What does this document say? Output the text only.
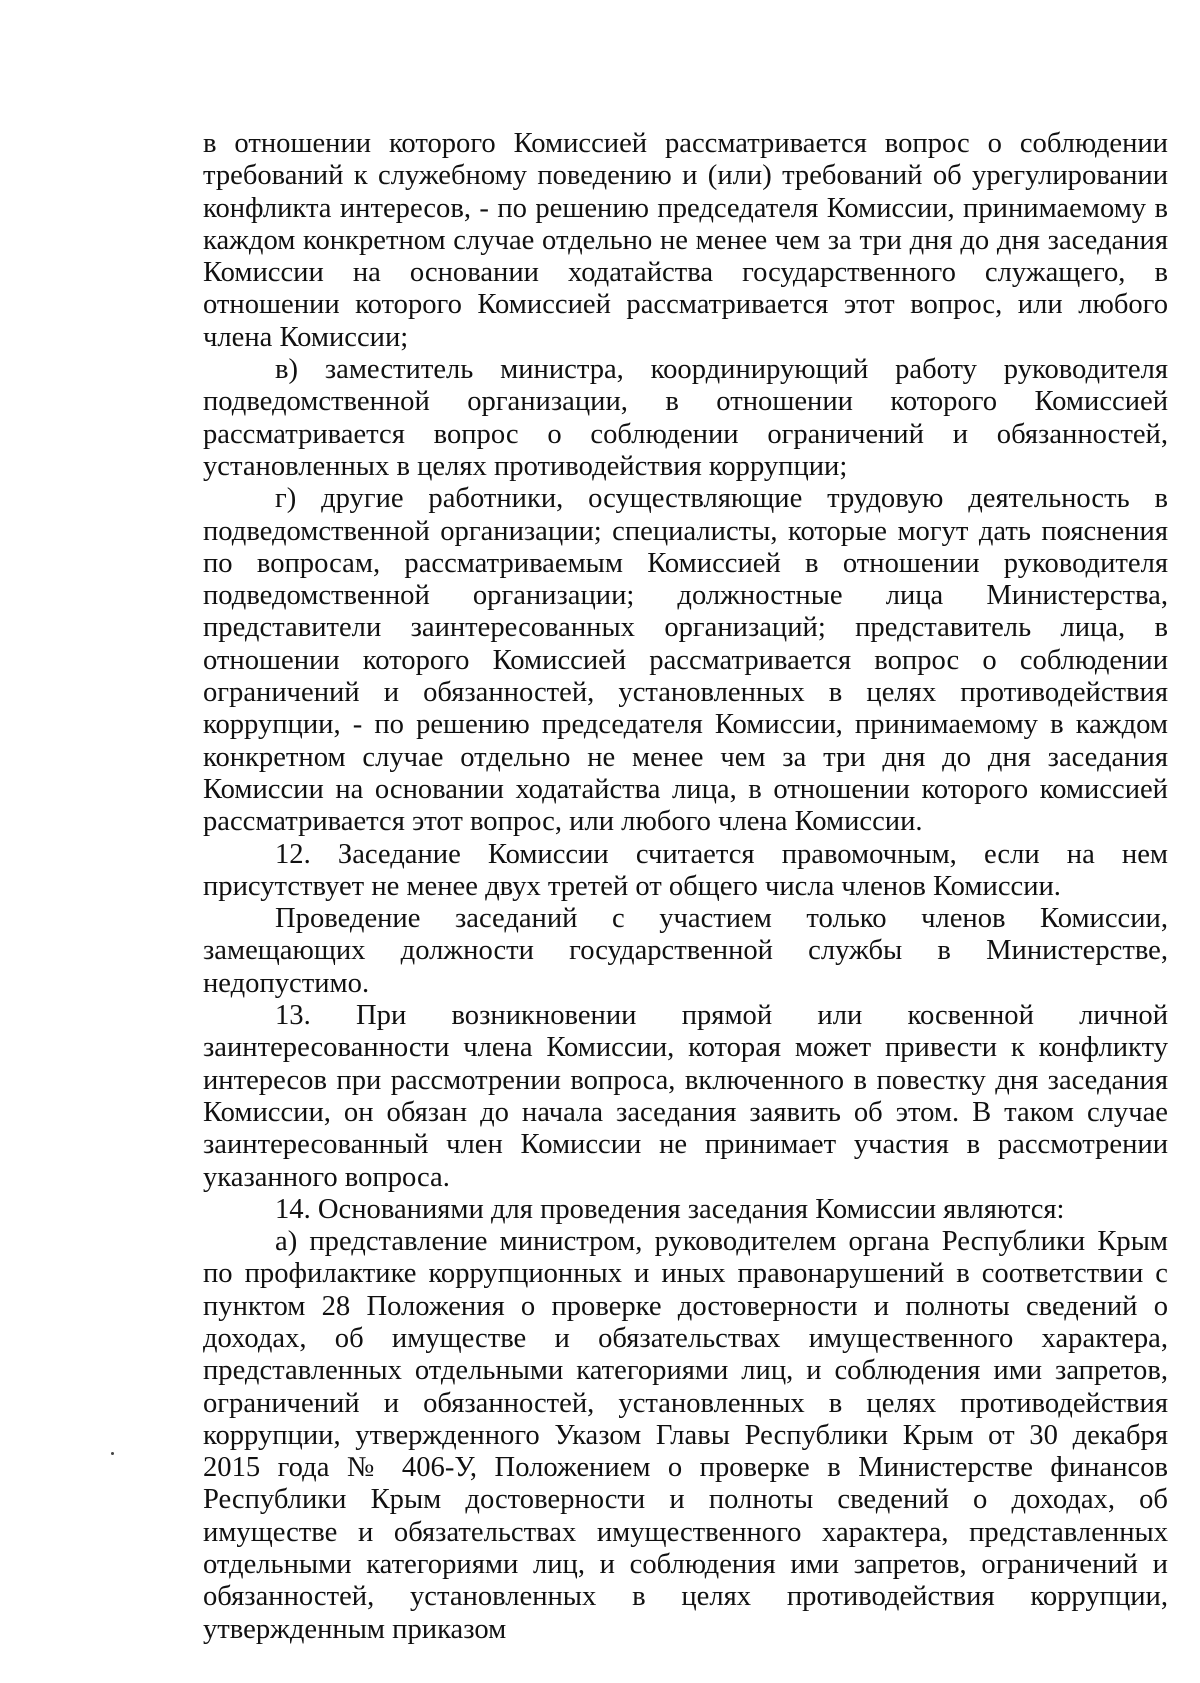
в отношении которого Комиссией рассматривается вопрос о соблюдении требований к служебному поведению и (или) требований об урегулировании конфликта интересов, - по решению председателя Комиссии, принимаемому в каждом конкретном случае отдельно не менее чем за три дня до дня заседания Комиссии на основании ходатайства государственного служащего, в отношении которого Комиссией рассматривается этот вопрос, или любого члена Комиссии;

в) заместитель министра, координирующий работу руководителя подведомственной организации, в отношении которого Комиссией рассматривается вопрос о соблюдении ограничений и обязанностей, установленных в целях противодействия коррупции;

г) другие работники, осуществляющие трудовую деятельность в подведомственной организации; специалисты, которые могут дать пояснения по вопросам, рассматриваемым Комиссией в отношении руководителя подведомственной организации; должностные лица Министерства, представители заинтересованных организаций; представитель лица, в отношении которого Комиссией рассматривается вопрос о соблюдении ограничений и обязанностей, установленных в целях противодействия коррупции, - по решению председателя Комиссии, принимаемому в каждом конкретном случае отдельно не менее чем за три дня до дня заседания Комиссии на основании ходатайства лица, в отношении которого комиссией рассматривается этот вопрос, или любого члена Комиссии.

12. Заседание Комиссии считается правомочным, если на нем присутствует не менее двух третей от общего числа членов Комиссии.

Проведение заседаний с участием только членов Комиссии, замещающих должности государственной службы в Министерстве, недопустимо.

13. При возникновении прямой или косвенной личной заинтересованности члена Комиссии, которая может привести к конфликту интересов при рассмотрении вопроса, включенного в повестку дня заседания Комиссии, он обязан до начала заседания заявить об этом. В таком случае заинтересованный член Комиссии не принимает участия в рассмотрении указанного вопроса.

14. Основаниями для проведения заседания Комиссии являются:

а) представление министром, руководителем органа Республики Крым по профилактике коррупционных и иных правонарушений в соответствии с пунктом 28 Положения о проверке достоверности и полноты сведений о доходах, об имуществе и обязательствах имущественного характера, представленных отдельными категориями лиц, и соблюдения ими запретов, ограничений и обязанностей, установленных в целях противодействия коррупции, утвержденного Указом Главы Республики Крым от 30 декабря 2015 года № 406-У, Положением о проверке в Министерстве финансов Республики Крым достоверности и полноты сведений о доходах, об имуществе и обязательствах имущественного характера, представленных отдельными категориями лиц, и соблюдения ими запретов, ограничений и обязанностей, установленных в целях противодействия коррупции, утвержденным приказом
